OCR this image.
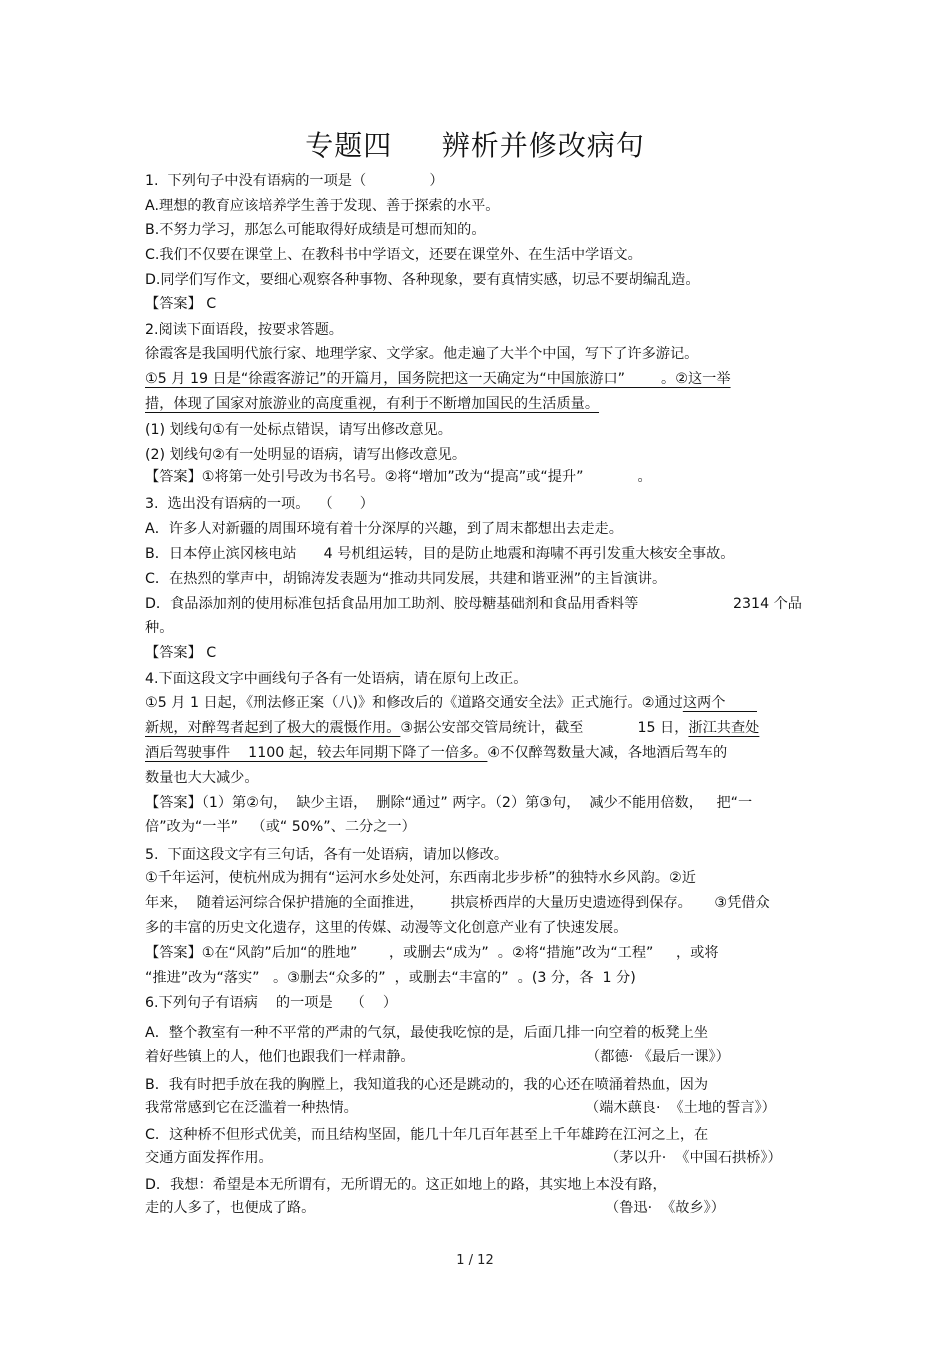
专题四     辨析并修改病句
1.  下列句子中没有语病的一项是（              ）
A.理想的教育应该培养学生善于发现、善于探索的水平。
B.不努力学习，那怎么可能取得好成绩是可想而知的。
C.我们不仅要在课堂上、在教科书中学语文，还要在课堂外、在生活中学语文。
D.同学们写作文，要细心观察各种事物、各种现象，要有真情实感，切忌不要胡编乱造。
【答案】 C
2.阅读下面语段，按要求答题。
徐霞客是我国明代旅行家、地理学家、文学家。他走遍了大半个中国，写下了许多游记。
①5 月 19 日是“徐霞客游记”的开篇月，国务院把这一天确定为“中国旅游口”        。②这一举
措，体现了国家对旅游业的高度重视，有利于不断增加国民的生活质量。
(1) 划线句①有一处标点错误，请写出修改意见。
(2) 划线句②有一处明显的语病，请写出修改意见。
【答案】①将第一处引号改为书名号。②将“增加”改为“提高”或“提升”            。
3.  选出没有语病的一项。  （      ）
A．许多人对新疆的周围环境有着十分深厚的兴趣，到了周末都想出去走走。
B．日本停止滨冈核电站      4 号机组运转，目的是防止地震和海啸不再引发重大核安全事故。
C．在热烈的掌声中，胡锦涛发表题为“推动共同发展，共建和谐亚洲”的主旨演讲。
D．食品添加剂的使用标准包括食品用加工助剂、胶母糖基础剂和食品用香料等	2314 个品
种。
【答案】 C
4.下面这段文字中画线句子各有一处语病，请在原句上改正。
①5 月 1 日起，《刑法修正案（八)》和修改后的《道路交通安全法》正式施行。②通过这两个
新规，对醉驾者起到了极大的震慑作用。③据公安部交管局统计，截至            15 日，浙江共查处
酒后驾驶事件    1100 起，较去年同期下降了一倍多。④不仅醉驾数量大减，各地酒后驾车的
数量也大大减少。
【答案】（1）第②句，  缺少主语，  删除“通过” 两字。（2）第③句，  减少不能用倍数，   把“一
倍”改为“一半”   （或“ 50%”、二分之一）
5.  下面这段文字有三句话，各有一处语病，请加以修改。
①千年运河，使杭州成为拥有“运河水乡处处河，东西南北步步桥”的独特水乡风韵。②近
年来，  随着运河综合保护措施的全面推进，      拱宸桥西岸的大量历史遗迹得到保存。     ③凭借众
多的丰富的历史文化遗存，这里的传媒、动漫等文化创意产业有了快速发展。
【答案】①在“风韵”后加“的胜地”       ，或删去“成为”  。②将“措施”改为“工程”     ，或将
“推进”改为“落实”   。③删去“众多的”  ，或删去“丰富的”  。(3 分，各  1 分)
6.下列句子有语病    的一项是    （    ）
A．整个教室有一种不平常的严肃的气氛，最使我吃惊的是，后面几排一向空着的板凳上坐
着好些镇上的人，他们也跟我们一样肃静。	（都德· 《最后一课》）
B．我有时把手放在我的胸膛上，我知道我的心还是跳动的，我的心还在喷涌着热血，因为
我常常感到它在泛滥着一种热情。	（端木蕻良·  《土地的誓言》）
C．这种桥不但形式优美，而且结构坚固，能几十年几百年甚至上千年雄跨在江河之上，在
交通方面发挥作用。	（茅以升·  《中国石拱桥》）
D．我想：希望是本无所谓有，无所谓无的。这正如地上的路，其实地上本没有路，
走的人多了，也便成了路。	（鲁迅·  《故乡》）
1 / 12
